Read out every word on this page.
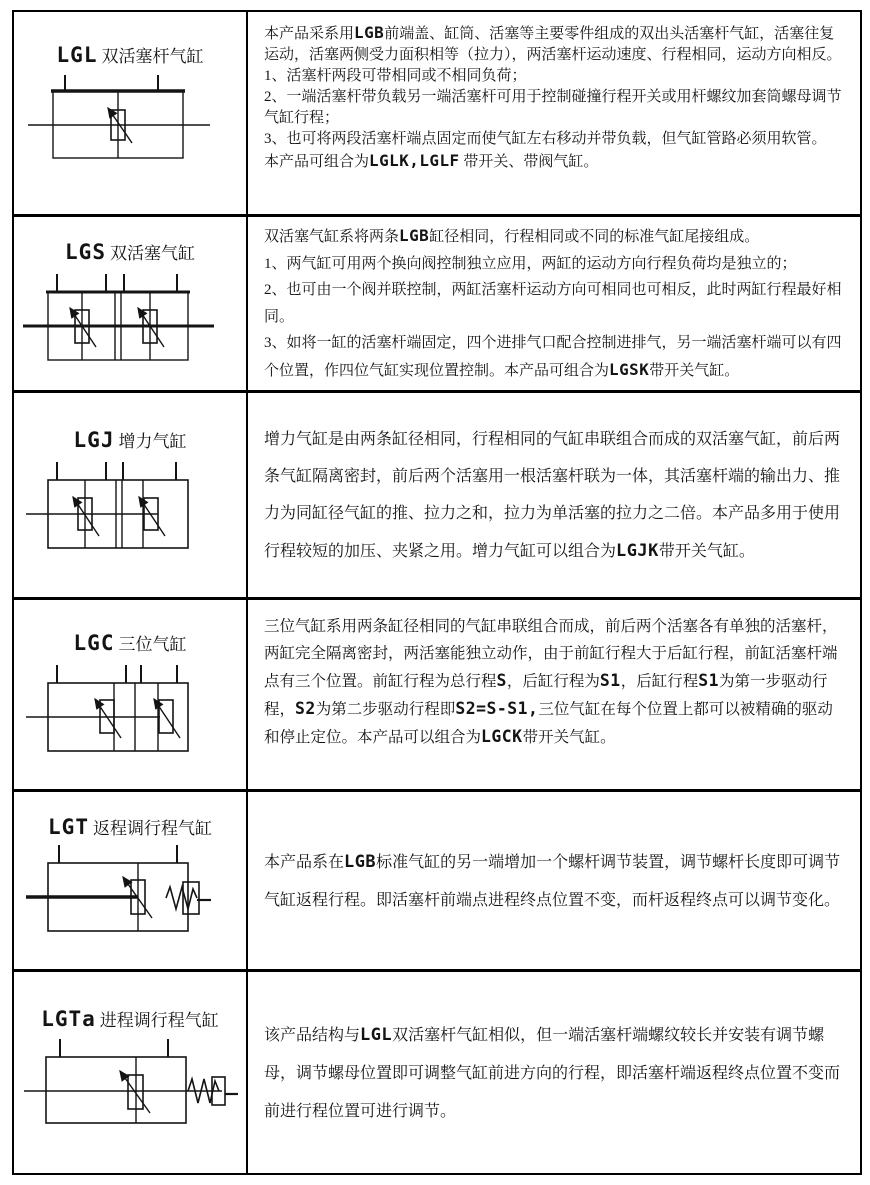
LGL 双活塞杆气缸

本产品采系用LGB前端盖、缸筒、活塞等主要零件组成的双出头活塞杆气缸，活塞往复运动，活塞两侧受力面积相等（拉力），两活塞杆运动速度、行程相同，运动方向相反。

1、活塞杆两段可带相同或不相同负荷；

2、一端活塞杆带负载另一端活塞杆可用于控制碰撞行程开关或用杆螺纹加套筒螺母调节气缸行程；

3、也可将两段活塞杆端点固定而使气缸左右移动并带负载，但气缸管路必须用软管。

本产品可组合为LGLK,LGLF 带开关、带阀气缸。

LGS 双活塞气缸

双活塞气缸系将两条LGB缸径相同，行程相同或不同的标准气缸尾接组成。

1、两气缸可用两个换向阀控制独立应用，两缸的运动方向行程负荷均是独立的；

2、也可由一个阀并联控制，两缸活塞杆运动方向可相同也可相反，此时两缸行程最好相同。

3、如将一缸的活塞杆端固定，四个进排气口配合控制进排气，另一端活塞杆端可以有四个位置，作四位气缸实现位置控制。本产品可组合为LGSK带开关气缸。

LGJ 增力气缸	增力气缸是由两条缸径相同，行程相同的气缸串联组合而成的双活塞气缸，前后两条气缸隔离密封，前后两个活塞用一根活塞杆联为一体，其活塞杆端的输出力、推力为同缸径气缸的推、拉力之和，拉力为单活塞的拉力之二倍。本产品多用于使用行程较短的加压、夹紧之用。增力气缸可以组合为LGJK带开关气缸。

LGC 三位气缸

三位气缸系用两条缸径相同的气缸串联组合而成，前后两个活塞各有单独的活塞杆，两缸完全隔离密封，两活塞能独立动作，由于前缸行程大于后缸行程，前缸活塞杆端点有三个位置。前缸行程为总行程S，后缸行程为S1，后缸行程S1为第一步驱动行程，S2为第二步驱动行程即S2=S-S1,三位气缸在每个位置上都可以被精确的驱动和停止定位。本产品可以组合为LGCK带开关气缸。

LGT 返程调行程气缸

本产品系在LGB标准气缸的另一端增加一个螺杆调节装置，调节螺杆长度即可调节气缸返程行程。即活塞杆前端点进程终点位置不变，而杆返程终点可以调节变化。

LGTa 进程调行程气缸

该产品结构与LGL双活塞杆气缸相似，但一端活塞杆端螺纹较长并安装有调节螺母，调节螺母位置即可调整气缸前进方向的行程，即活塞杆端返程终点位置不变而前进行程位置可进行调节。
